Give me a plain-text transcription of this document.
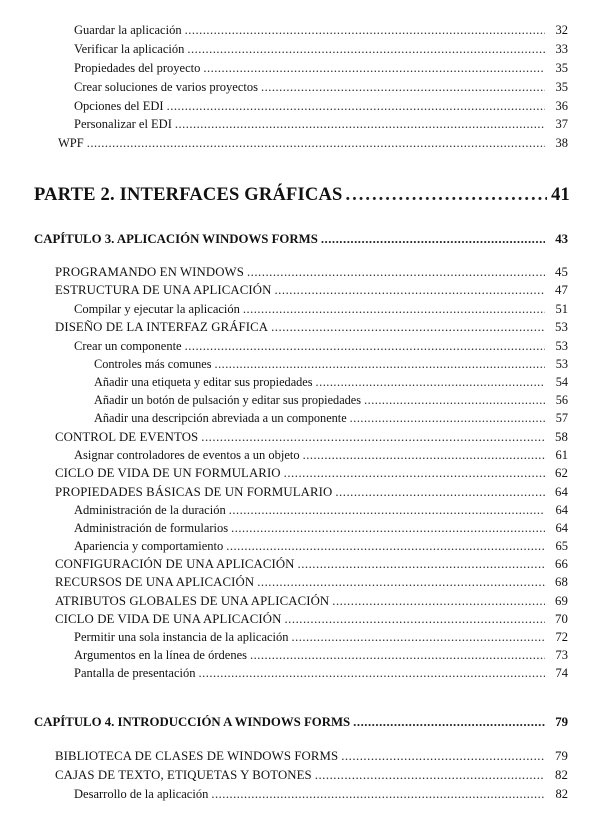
Guardar la aplicación .....	32
Verificar la aplicación .....	33
Propiedades del proyecto .....	35
Crear soluciones de varios proyectos .....	35
Opciones del EDI .....	36
Personalizar el EDI .....	37
WPF .....	38
PARTE 2. INTERFACES GRÁFICAS .....	41
CAPÍTULO 3. APLICACIÓN WINDOWS FORMS .....	43
PROGRAMANDO EN WINDOWS .....	45
ESTRUCTURA DE UNA APLICACIÓN .....	47
Compilar y ejecutar la aplicación .....	51
DISEÑO DE LA INTERFAZ GRÁFICA .....	53
Crear un componente .....	53
Controles más comunes .....	53
Añadir una etiqueta y editar sus propiedades .....	54
Añadir un botón de pulsación y editar sus propiedades .....	56
Añadir una descripción abreviada a un componente .....	57
CONTROL DE EVENTOS .....	58
Asignar controladores de eventos a un objeto .....	61
CICLO DE VIDA DE UN FORMULARIO .....	62
PROPIEDADES BÁSICAS DE UN FORMULARIO .....	64
Administración de la duración .....	64
Administración de formularios .....	64
Apariencia y comportamiento .....	65
CONFIGURACIÓN DE UNA APLICACIÓN .....	66
RECURSOS DE UNA APLICACIÓN .....	68
ATRIBUTOS GLOBALES DE UNA APLICACIÓN .....	69
CICLO DE VIDA DE UNA APLICACIÓN .....	70
Permitir una sola instancia de la aplicación .....	72
Argumentos en la línea de órdenes .....	73
Pantalla de presentación .....	74
CAPÍTULO 4. INTRODUCCIÓN A WINDOWS FORMS .....	79
BIBLIOTECA DE CLASES DE WINDOWS FORMS .....	79
CAJAS DE TEXTO, ETIQUETAS Y BOTONES .....	82
Desarrollo de la aplicación .....	82
